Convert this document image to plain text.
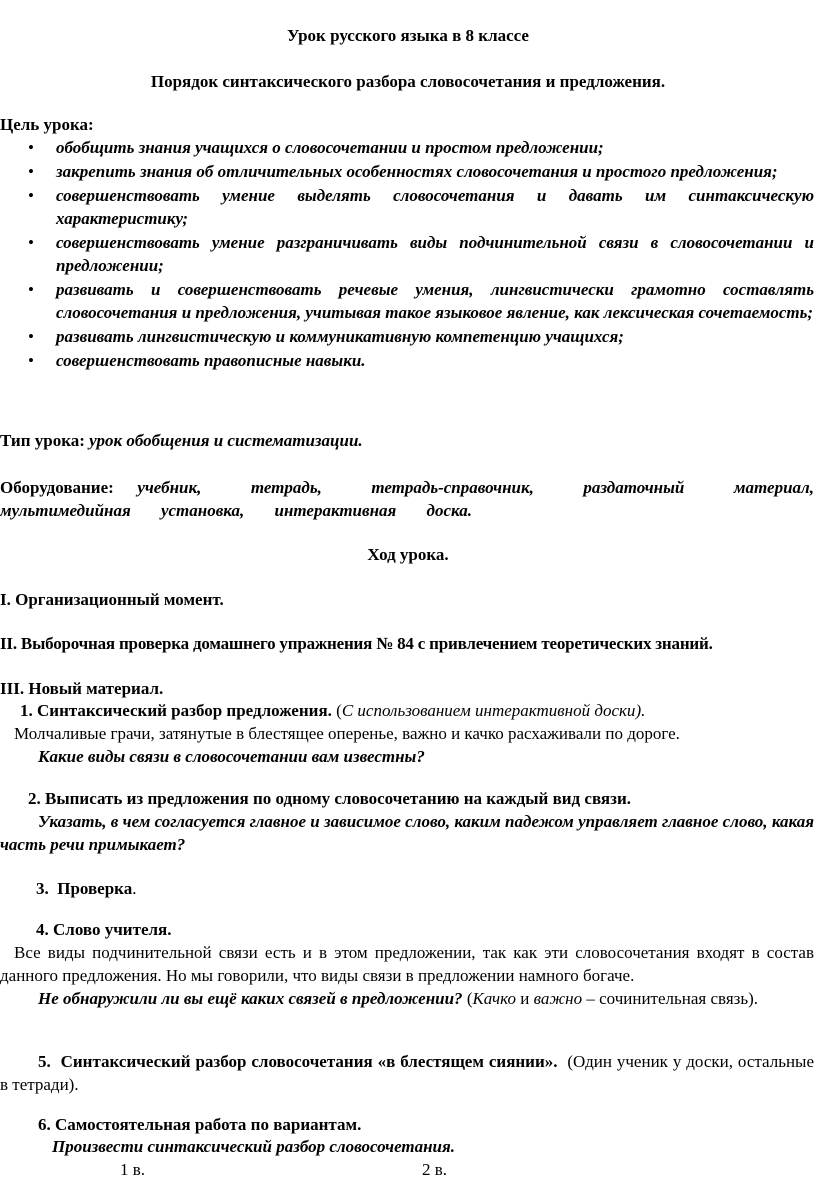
Урок русского языка в 8 классе
Порядок синтаксического разбора словосочетания и предложения.
Цель урока:
• обобщить знания учащихся о словосочетании и простом предложении;
• закрепить знания об отличительных особенностях словосочетания и простого предложения;
• совершенствовать умение выделять словосочетания и давать им синтаксическую характеристику;
• совершенствовать умение разграничивать виды подчинительной связи в словосочетании и предложении;
• развивать и совершенствовать речевые умения, лингвистически грамотно составлять словосочетания и предложения, учитывая такое языковое явление, как лексическая сочетаемость;
• развивать лингвистическую и коммуникативную компетенцию учащихся;
• совершенствовать правописные навыки.
Тип урока: урок обобщения и систематизации.
Оборудование: учебник, тетрадь, тетрадь-справочник, раздаточный материал, мультимедийная установка, интерактивная доска.
Ход урока.
I. Организационный момент.
II. Выборочная проверка домашнего упражнения № 84 с привлечением теоретических знаний.
III. Новый материал.
1. Синтаксический разбор предложения. (С использованием интерактивной доски).
Молчаливые грачи, затянутые в блестящее оперенье, важно и качко расхаживали по дороге.
Какие виды связи в словосочетании вам известны?
2. Выписать из предложения по одному словосочетанию на каждый вид связи.
Указать, в чем согласуется главное и зависимое слово, каким падежом управляет главное слово, какая часть речи примыкает?
3. Проверка.
4. Слово учителя.
Все виды подчинительной связи есть и в этом предложении, так как эти словосочетания входят в состав данного предложения. Но мы говорили, что виды связи в предложении намного богаче.
Не обнаружили ли вы ещё каких связей в предложении? (Качко и важно – сочинительная связь).
5. Синтаксический разбор словосочетания «в блестящем сиянии». (Один ученик у доски, остальные в тетради).
6. Самостоятельная работа по вариантам.
Произвести синтаксический разбор словосочетания.
1 в.	2 в.
